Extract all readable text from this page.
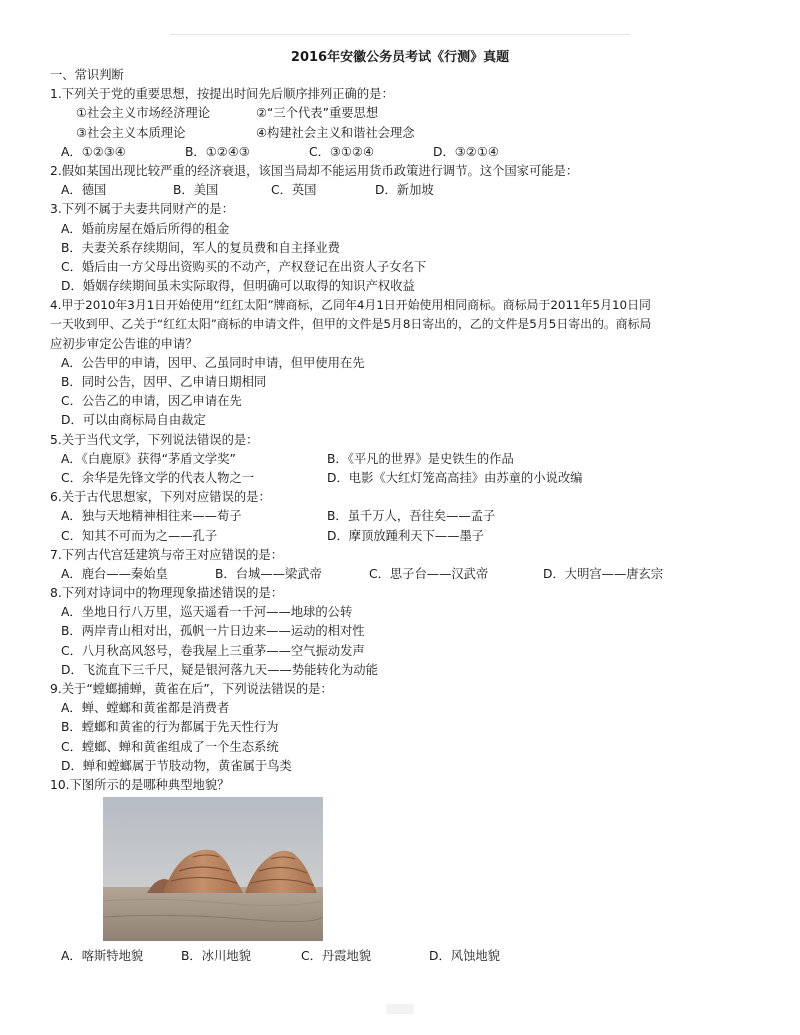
2016年安徽公务员考试《行测》真题
一、常识判断
1.下列关于党的重要思想，按提出时间先后顺序排列正确的是：
①社会主义市场经济理论	②“三个代表”重要思想
③社会主义本质理论	④构建社会主义和谐社会理念
A．①②③④	B．①②④③	C．③①②④	D．③②①④
2.假如某国出现比较严重的经济衰退，该国当局却不能运用货币政策进行调节。这个国家可能是：
A．德国	B．美国	C．英国	D．新加坡
3.下列不属于夫妻共同财产的是：
A．婚前房屋在婚后所得的租金
B．夫妻关系存续期间，军人的复员费和自主择业费
C．婚后由一方父母出资购买的不动产，产权登记在出资人子女名下
D．婚姻存续期间虽未实际取得，但明确可以取得的知识产权收益
4.甲于2010年3月1日开始使用“红红太阳”牌商标，乙同年4月1日开始使用相同商标。商标局于2011年5月10日同
一天收到甲、乙关于“红红太阳”商标的申请文件，但甲的文件是5月8日寄出的，乙的文件是5月5日寄出的。商标局
应初步审定公告谁的申请？
A．公告甲的申请，因甲、乙虽同时申请，但甲使用在先
B．同时公告，因甲、乙申请日期相同
C．公告乙的申请，因乙申请在先
D．可以由商标局自由裁定
5.关于当代文学，下列说法错误的是：
A．《白鹿原》获得“茅盾文学奖”	B．《平凡的世界》是史铁生的作品
C．余华是先锋文学的代表人物之一	D．电影《大红灯笼高高挂》由苏童的小说改编
6.关于古代思想家，下列对应错误的是：
A．独与天地精神相往来——荀子	B．虽千万人，吾往矣——孟子
C．知其不可而为之——孔子	D．摩顶放踵利天下——墨子
7.下列古代宫廷建筑与帝王对应错误的是：
A．鹿台——秦始皇	B．台城——梁武帝	C．思子台——汉武帝	D．大明宫——唐玄宗
8.下列对诗词中的物理现象描述错误的是：
A．坐地日行八万里，巡天遥看一千河——地球的公转
B．两岸青山相对出，孤帆一片日边来——运动的相对性
C．八月秋高风怒号，卷我屋上三重茅——空气振动发声
D．飞流直下三千尺，疑是银河落九天——势能转化为动能
9.关于“螳螂捕蝉，黄雀在后”，下列说法错误的是：
A．蝉、螳螂和黄雀都是消费者
B．螳螂和黄雀的行为都属于先天性行为
C．螳螂、蝉和黄雀组成了一个生态系统
D．蝉和螳螂属于节肢动物，黄雀属于鸟类
10.下图所示的是哪种典型地貌？
A．喀斯特地貌	B．冰川地貌	C．丹霞地貌	D．风蚀地貌
